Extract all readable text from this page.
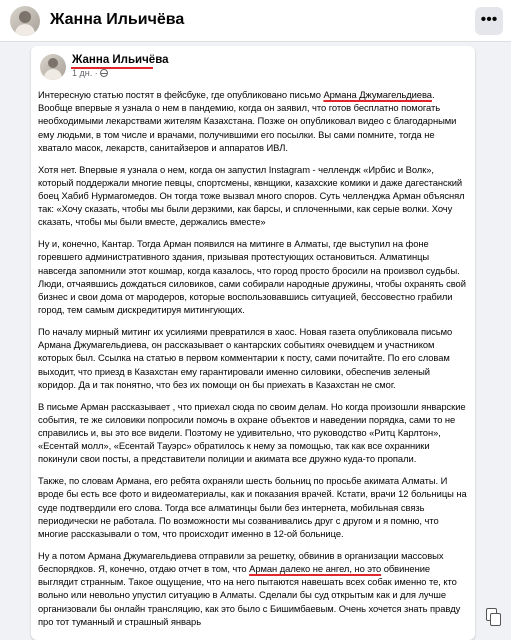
Жанна Ильичёва	•••
Жанна Ильичёва
1 дн. ·

Интересную статью постят в фейсбуке, где опубликовано письмо Армана Джумагельдиева. Вообще впервые я узнала о нем в пандемию, когда он заявил, что готов бесплатно помогать необходимыми лекарствами жителям Казахстана. Позже он опубликовал видео с благодарными ему людьми, в том числе и врачами, получившими его посылки. Вы сами помните, тогда не хватало масок, лекарств, санитайзеров и аппаратов ИВЛ.

Хотя нет. Впервые я узнала о нем, когда он запустил Instagram - челлендж «Ирбис и Волк», который поддержали многие певцы, спортсмены, квнщики, казахские комики и даже дагестанский боец Хабиб Нурмагомедов. Он тогда тоже вызвал много споров. Суть челленджа Арман объяснял так: «Хочу сказать, чтобы мы были дерзкими, как барсы, и сплоченными, как серые волки. Хочу сказать, чтобы мы были вместе, держались вместе»

Ну и, конечно, Кантар. Тогда Арман появился на митинге в Алматы, где выступил на фоне горевшего административного здания, призывая протестующих остановиться. Алматинцы навсегда запомнили этот кошмар, когда казалось, что город просто бросили на произвол судьбы. Люди, отчаявшись дождаться силовиков, сами собирали народные дружины, чтобы охранять свой бизнес и свои дома от мародеров, которые воспользовавшись ситуацией, бессовестно грабили город, тем самым дискредитируя митингующих.

По началу мирный митинг их усилиями превратился в хаос. Новая газета опубликовала письмо Армана Джумагельдиева, он рассказывает о кантарских событиях очевидцем и участником которых был. Ссылка на статью в первом комментарии к посту, сами почитайте. По его словам выходит, что приезд в Казахстан ему гарантировали именно силовики, обеспечив зеленый коридор. Да и так понятно, что без их помощи он бы приехать в Казахстан не смог.

В письме Арман рассказывает , что приехал сюда по своим делам. Но когда произошли январские события, те же силовики попросили помочь в охране объектов и наведении порядка, сами то не справились и, вы это все видели. Поэтому не удивительно, что руководство «Ритц Карлтон», «Есентай молл», «Есентай Тауэрс» обратилось к нему за помощью, так как все охранники покинули свои посты, а представители полиции и акимата все дружно куда-то пропали.

Также, по словам Армана, его ребята охраняли шесть больниц по просьбе акимата Алматы. И вроде бы есть все фото и видеоматериалы, как и показания врачей. Кстати, врачи 12 больницы на суде подтвердили его слова. Тогда все алматинцы были без интернета, мобильная связь периодически не работала. По возможности мы созванивались друг с другом и я помню, что многие рассказывали о том, что происходит именно в 12-ой больнице.

Ну а потом Армана Джумагельдиева отправили за решетку, обвинив в организации массовых беспорядков. Я, конечно, отдаю отчет в том, что Арман далеко не ангел, но это обвинение выглядит странным. Такое ощущение, что на него пытаются навешать всех собак именно те, кто вольно или невольно упустил ситуацию в Алматы. Сделали бы суд открытым как и для лучше организовали бы онлайн трансляцию, как это было с Бишимбаевым. Очень хочется знать правду про тот туманный и страшный январь
